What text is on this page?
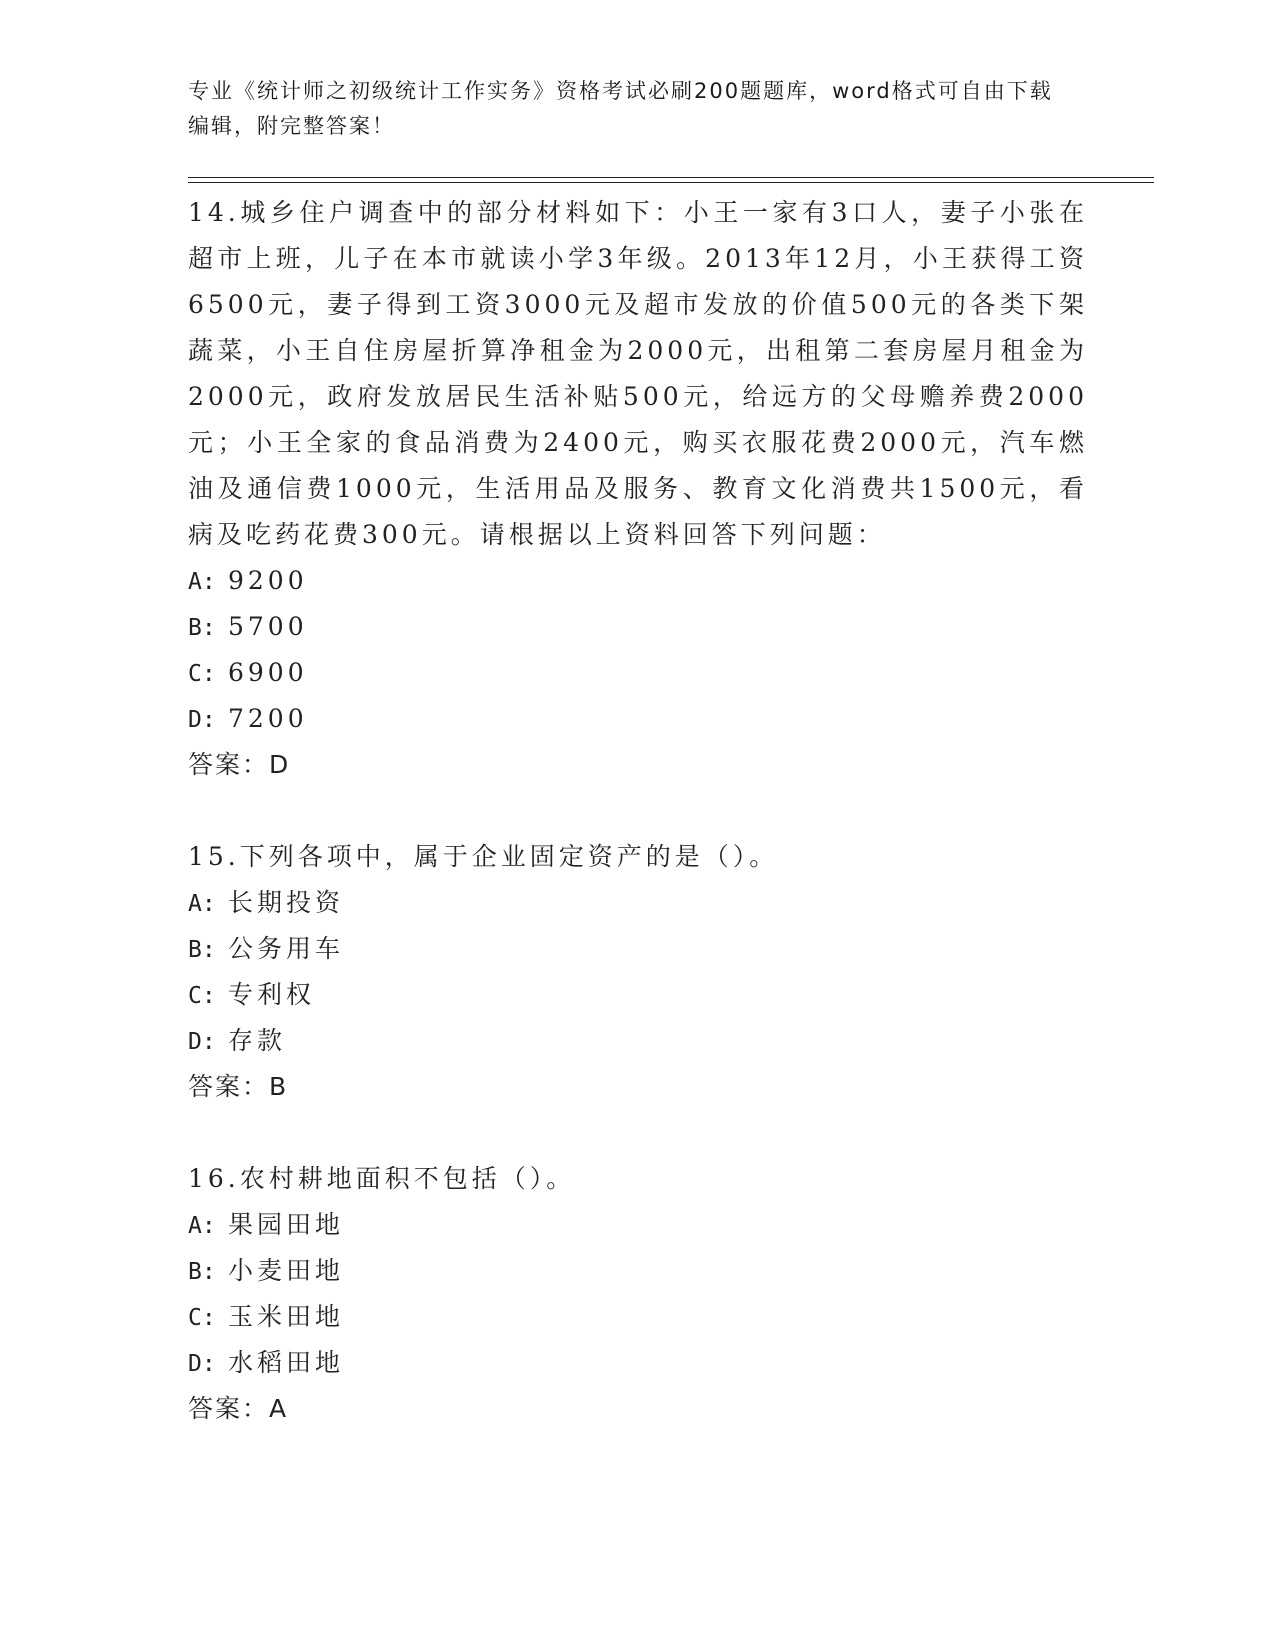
专业《统计师之初级统计工作实务》资格考试必刷200题题库，word格式可自由下载编辑，附完整答案！

14.城乡住户调查中的部分材料如下：小王一家有3口人，妻子小张在超市上班，儿子在本市就读小学3年级。2013年12月，小王获得工资6500元，妻子得到工资3000元及超市发放的价值500元的各类下架蔬菜，小王自住房屋折算净租金为2000元，出租第二套房屋月租金为2000元，政府发放居民生活补贴500元，给远方的父母赡养费2000元；小王全家的食品消费为2400元，购买衣服花费2000元，汽车燃油及通信费1000元，生活用品及服务、教育文化消费共1500元，看病及吃药花费300元。请根据以上资料回答下列问题：

A: 9200

B: 5700

C: 6900

D: 7200

答案：D

15.下列各项中，属于企业固定资产的是（）。

A: 长期投资

B: 公务用车

C: 专利权

D: 存款

答案：B

16.农村耕地面积不包括（）。

A: 果园田地

B: 小麦田地

C: 玉米田地

D: 水稻田地

答案：A
